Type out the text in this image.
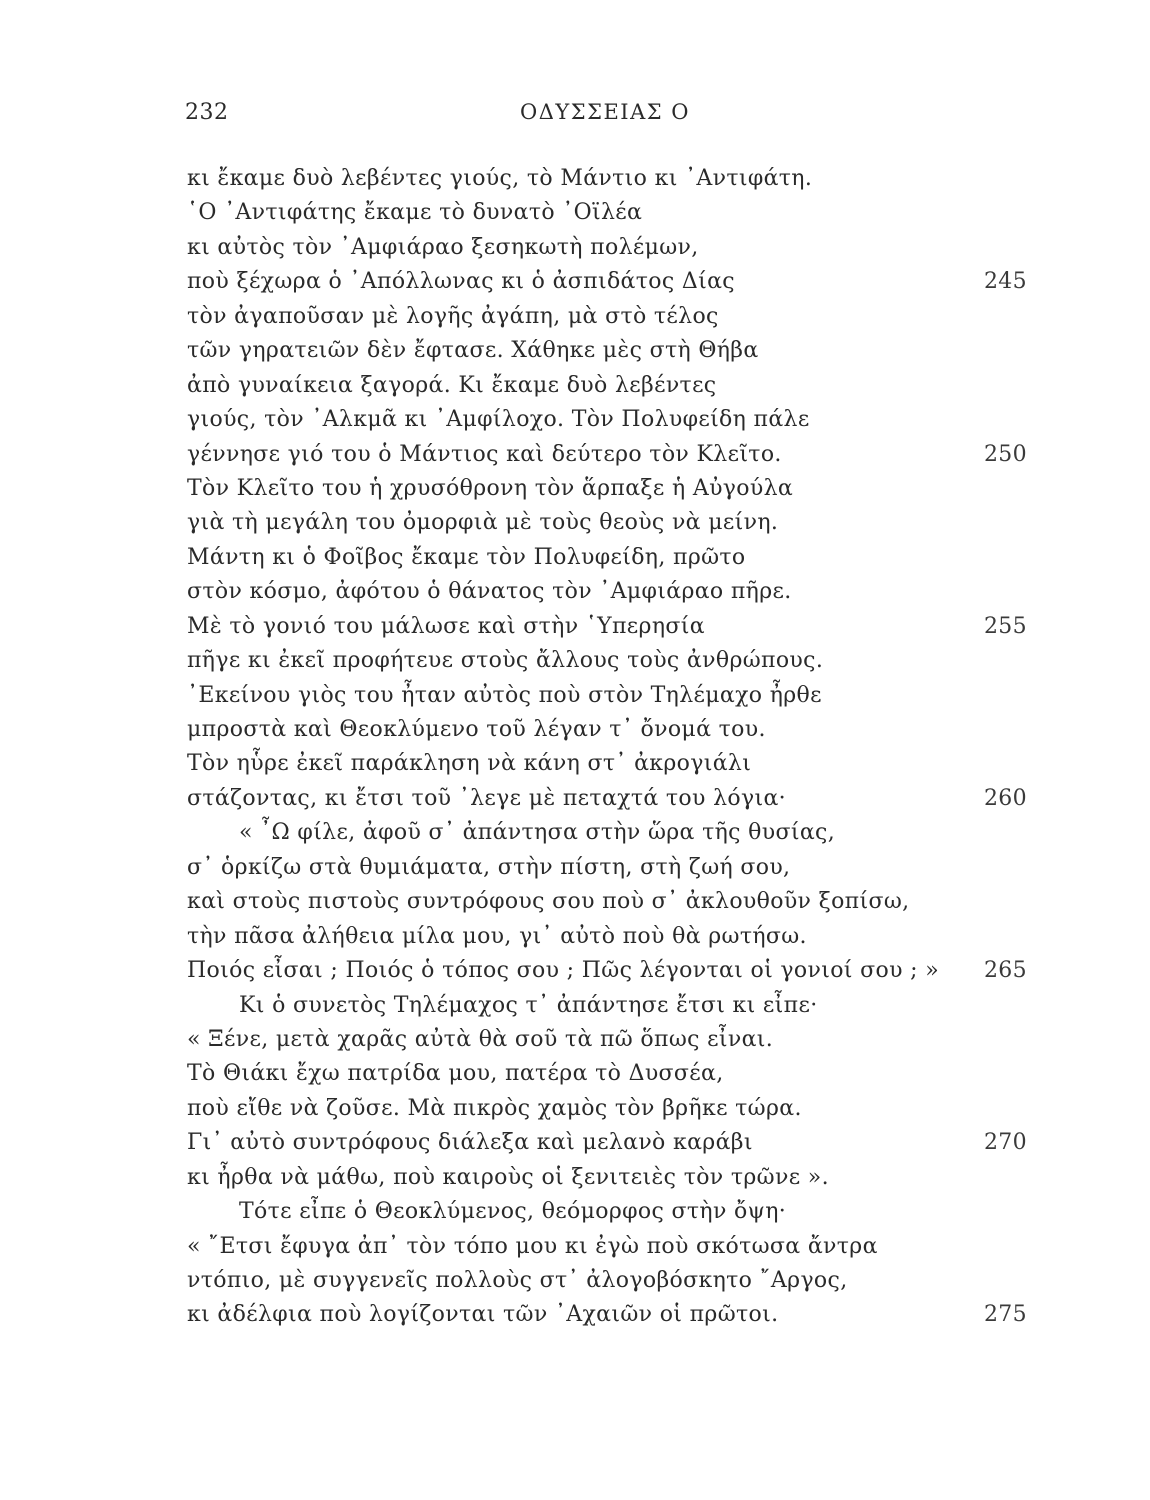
232	ΟΔΥΣΣΕΙΑΣ Ο
κι ἔκαμε δυὸ λεβέντες γιούς, τὸ Μάντιο κι ᾿Αντιφάτη.
῾Ο ᾿Αντιφάτης ἔκαμε τὸ δυνατὸ ᾿Οϊλέα
κι αὐτὸς τὸν ᾿Αμφιάραο ξεσηκωτὴ πολέμων,
ποὺ ξέχωρα ὁ ᾿Απόλλωνας κι ὁ ἀσπιδάτος Δίας	245
τὸν ἀγαποῦσαν μὲ λογῆς ἀγάπη, μὰ στὸ τέλος
τῶν γηρατειῶν δὲν ἔφτασε. Χάθηκε μὲς στὴ Θήβα
ἀπὸ γυναίκεια ξαγορά. Κι ἔκαμε δυὸ λεβέντες
γιούς, τὸν ᾿Αλκμᾶ κι ᾿Αμφίλοχο. Τὸν Πολυφείδη πάλε
γέννησε γιό του ὁ Μάντιος καὶ δεύτερο τὸν Κλεῖτο.	250
Τὸν Κλεῖτο του ἡ χρυσόθρονη τὸν ἅρπαξε ἡ Αὐγούλα
γιὰ τὴ μεγάλη του ὀμορφιὰ μὲ τοὺς θεοὺς νὰ μείνη.
Μάντη κι ὁ Φοῖβος ἔκαμε τὸν Πολυφείδη, πρῶτο
στὸν κόσμο, ἀφότου ὁ θάνατος τὸν ᾿Αμφιάραο πῆρε.
Μὲ τὸ γονιό του μάλωσε καὶ στὴν ῾Υπερησία	255
πῆγε κι ἐκεῖ προφήτευε στοὺς ἄλλους τοὺς ἀνθρώπους.
᾿Εκείνου γιὸς του ἦταν αὐτὸς ποὺ στὸν Τηλέμαχο ἦρθε
μπροστὰ καὶ Θεοκλύμενο τοῦ λέγαν τ᾿ ὄνομά του.
Τὸν ηὗρε ἐκεῖ παράκληση νὰ κάνη στ᾿ ἀκρογιάλι
στάζοντας, κι ἔτσι τοῦ ᾽λεγε μὲ πεταχτά του λόγια·	260
« ῏Ω φίλε, ἀφοῦ σ᾿ ἀπάντησα στὴν ὥρα τῆς θυσίας,
σ᾿ ὁρκίζω στὰ θυμιάματα, στὴν πίστη, στὴ ζωή σου,
καὶ στοὺς πιστοὺς συντρόφους σου ποὺ σ᾿ ἀκλουθοῦν ξοπίσω,
τὴν πᾶσα ἀλήθεια μίλα μου, γι᾿ αὐτὸ ποὺ θὰ ρωτήσω.
Ποιός εἶσαι ; Ποιός ὁ τόπος σου ; Πῶς λέγονται οἱ γονιοί σου ; » 265
Κι ὁ συνετὸς Τηλέμαχος τ᾿ ἀπάντησε ἔτσι κι εἶπε·
« Ξένε, μετὰ χαρᾶς αὐτὰ θὰ σοῦ τὰ πῶ ὅπως εἶναι.
Τὸ Θιάκι ἔχω πατρίδα μου, πατέρα τὸ Δυσσέα,
ποὺ εἴθε νὰ ζοῦσε. Μὰ πικρὸς χαμὸς τὸν βρῆκε τώρα.
Γι᾿ αὐτὸ συντρόφους διάλεξα καὶ μελανὸ καράβι	270
κι ἦρθα νὰ μάθω, ποὺ καιροὺς οἱ ξενιτειὲς τὸν τρῶνε ».
Τότε εἶπε ὁ Θεοκλύμενος, θεόμορφος στὴν ὄψη·
« ῎Ετσι ἔφυγα ἀπ᾿ τὸν τόπο μου κι ἐγὼ ποὺ σκότωσα ἄντρα
ντόπιο, μὲ συγγενεῖς πολλοὺς στ᾿ ἀλογοβόσκητο ῎Αργος,
κι ἀδέλφια ποὺ λογίζονται τῶν ᾿Αχαιῶν οἱ πρῶτοι.	275
